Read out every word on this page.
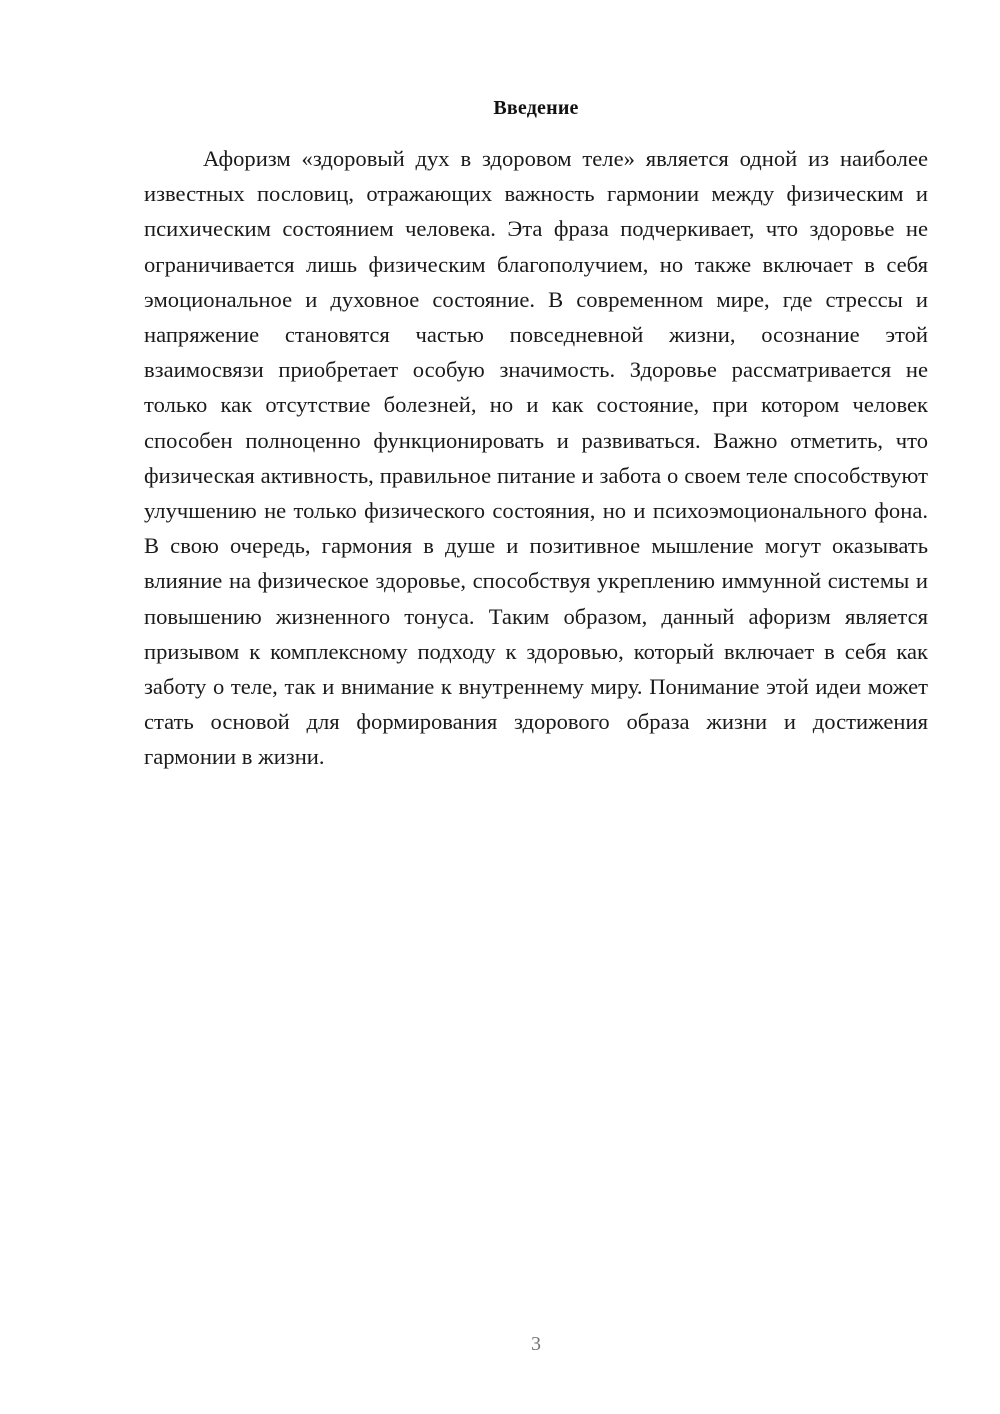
Введение

Афоризм «здоровый дух в здоровом теле» является одной из наиболее известных пословиц, отражающих важность гармонии между физическим и психическим состоянием человека. Эта фраза подчеркивает, что здоровье не ограничивается лишь физическим благополучием, но также включает в себя эмоциональное и духовное состояние. В современном мире, где стрессы и напряжение становятся частью повседневной жизни, осознание этой взаимосвязи приобретает особую значимость. Здоровье рассматривается не только как отсутствие болезней, но и как состояние, при котором человек способен полноценно функционировать и развиваться. Важно отметить, что физическая активность, правильное питание и забота о своем теле способствуют улучшению не только физического состояния, но и психоэмоционального фона. В свою очередь, гармония в душе и позитивное мышление могут оказывать влияние на физическое здоровье, способствуя укреплению иммунной системы и повышению жизненного тонуса. Таким образом, данный афоризм является призывом к комплексному подходу к здоровью, который включает в себя как заботу о теле, так и внимание к внутреннему миру. Понимание этой идеи может стать основой для формирования здорового образа жизни и достижения гармонии в жизни.

3
